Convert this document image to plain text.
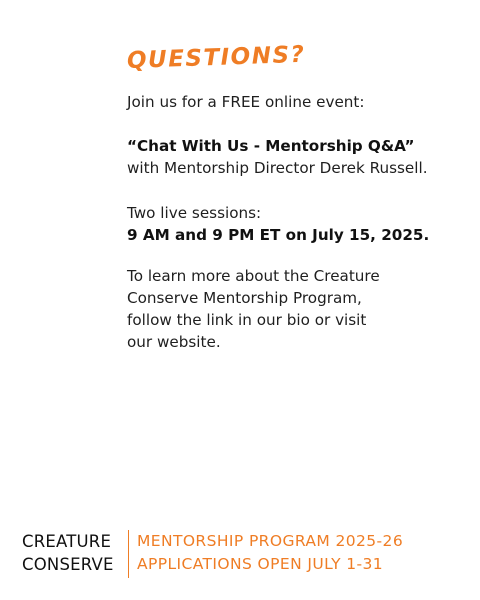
QUESTIONS?
Join us for a FREE online event:
“Chat With Us - Mentorship Q&A”
with Mentorship Director Derek Russell.
Two live sessions:
9 AM and 9 PM ET on July 15, 2025.
To learn more about the Creature
Conserve Mentorship Program,
follow the link in our bio or visit
our website.
CREATURE
CONSERVE
MENTORSHIP PROGRAM 2025-26
APPLICATIONS OPEN JULY 1-31
